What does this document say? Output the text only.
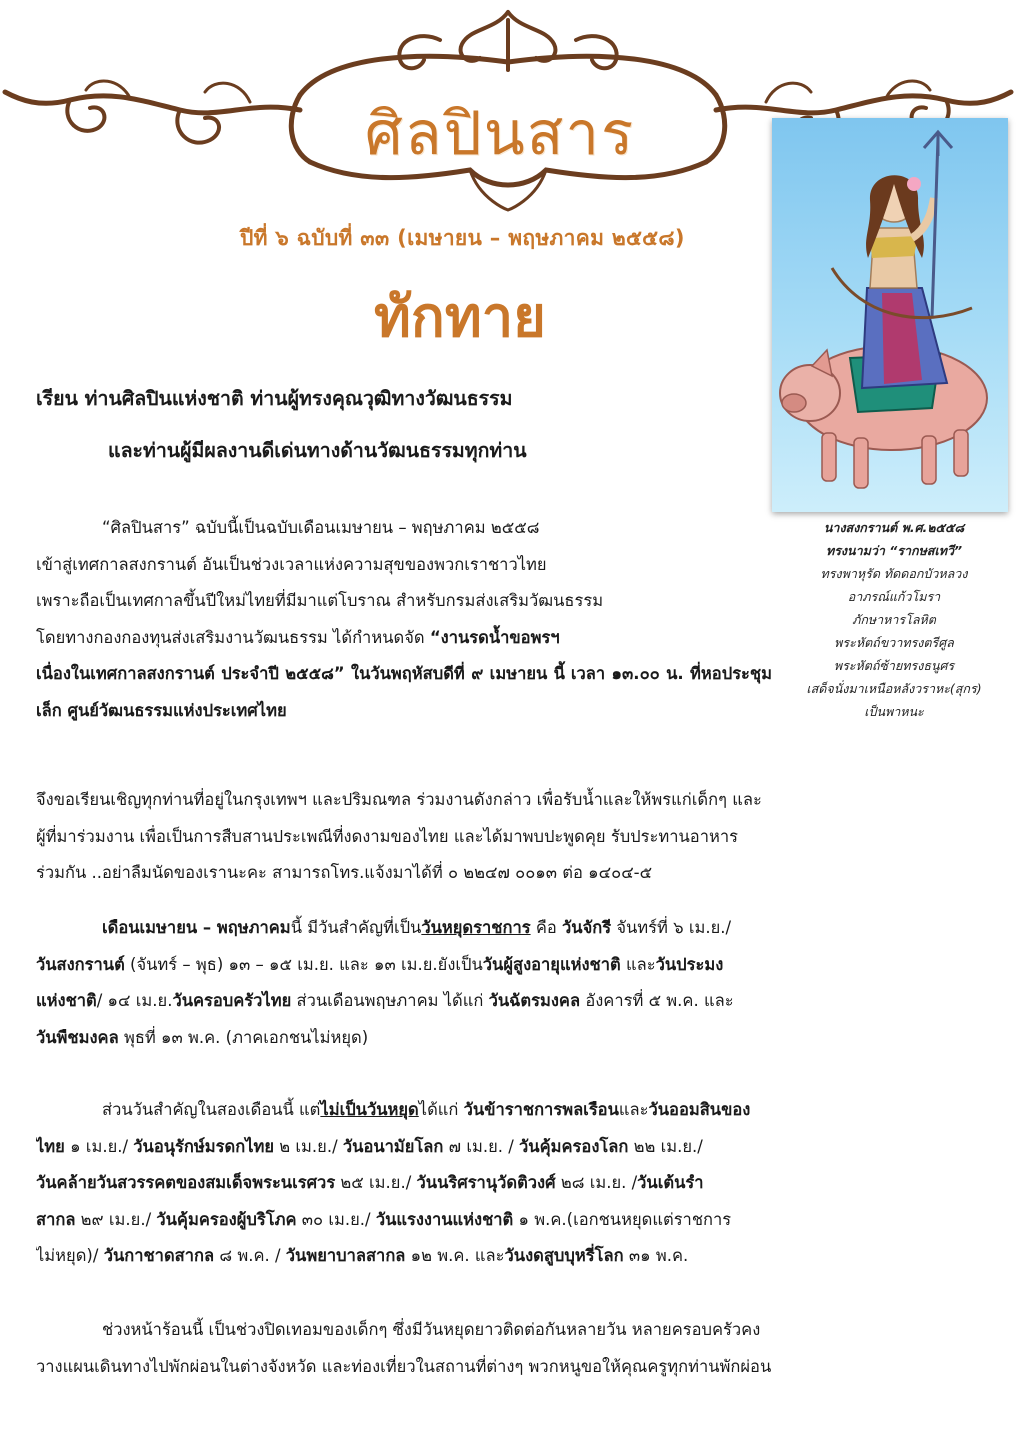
ศิลปินสาร
ปีที่ ๖ ฉบับที่ ๓๓ (เมษายน – พฤษภาคม ๒๕๕๘)
ทักทาย
นางสงกรานต์ พ.ศ.๒๕๕๘
ทรงนามว่า “รากษสเทวี”
ทรงพาหุรัด ทัดดอกบัวหลวง
อาภรณ์แก้วโมรา
ภักษาหารโลหิต
พระหัตถ์ขวาทรงตรีศูล
พระหัตถ์ซ้ายทรงธนูศร
เสด็จนั่งมาเหนือหลังวราหะ(สุกร)
เป็นพาหนะ
เรียน ท่านศิลปินแห่งชาติ ท่านผู้ทรงคุณวุฒิทางวัฒนธรรม
และท่านผู้มีผลงานดีเด่นทางด้านวัฒนธรรมทุกท่าน
“ศิลปินสาร” ฉบับนี้เป็นฉบับเดือนเมษายน – พฤษภาคม ๒๕๕๘
เข้าสู่เทศกาลสงกรานต์ อันเป็นช่วงเวลาแห่งความสุขของพวกเราชาวไทย
เพราะถือเป็นเทศกาลขึ้นปีใหม่ไทยที่มีมาแต่โบราณ สำหรับกรมส่งเสริมวัฒนธรรม
โดยทางกองกองทุนส่งเสริมงานวัฒนธรรม ได้กำหนดจัด “งานรดน้ำขอพรฯ
เนื่องในเทศกาลสงกรานต์ ประจำปี ๒๕๕๘” ในวันพฤหัสบดีที่ ๙ เมษายน นี้ เวลา ๑๓.๐๐ น. ที่หอประชุมเล็ก ศูนย์วัฒนธรรมแห่งประเทศไทย
จึงขอเรียนเชิญทุกท่านที่อยู่ในกรุงเทพฯ และปริมณฑล ร่วมงานดังกล่าว เพื่อรับน้ำและให้พรแก่เด็กๆ และ
ผู้ที่มาร่วมงาน เพื่อเป็นการสืบสานประเพณีที่งดงามของไทย และได้มาพบปะพูดคุย รับประทานอาหาร
ร่วมกัน ..อย่าลืมนัดของเรานะคะ สามารถโทร.แจ้งมาได้ที่ ๐ ๒๒๔๗ ๐๐๑๓ ต่อ ๑๔๐๔-๕
เดือนเมษายน – พฤษภาคมนี้ มีวันสำคัญที่เป็นวันหยุดราชการ คือ วันจักรี จันทร์ที่ ๖ เม.ย./
วันสงกรานต์ (จันทร์ – พุธ) ๑๓ – ๑๕ เม.ย. และ ๑๓ เม.ย.ยังเป็นวันผู้สูงอายุแห่งชาติ และวันประมง
แห่งชาติ/ ๑๔ เม.ย.วันครอบครัวไทย ส่วนเดือนพฤษภาคม ได้แก่ วันฉัตรมงคล อังคารที่ ๕ พ.ค. และ
วันพืชมงคล พุธที่ ๑๓ พ.ค. (ภาคเอกชนไม่หยุด)
ส่วนวันสำคัญในสองเดือนนี้ แต่ไม่เป็นวันหยุดได้แก่ วันข้าราชการพลเรือนและวันออมสินของ
ไทย ๑ เม.ย./ วันอนุรักษ์มรดกไทย ๒ เม.ย./ วันอนามัยโลก ๗ เม.ย. / วันคุ้มครองโลก ๒๒ เม.ย./
วันคล้ายวันสวรรคตของสมเด็จพระนเรศวร ๒๕ เม.ย./ วันนริศรานุวัดติวงศ์ ๒๘ เม.ย. /วันเต้นรำ
สากล ๒๙ เม.ย./ วันคุ้มครองผู้บริโภค ๓๐ เม.ย./ วันแรงงานแห่งชาติ ๑ พ.ค.(เอกชนหยุดแต่ราชการ
ไม่หยุด)/ วันกาชาดสากล ๘ พ.ค. / วันพยาบาลสากล ๑๒ พ.ค. และวันงดสูบบุหรี่โลก ๓๑ พ.ค.
ช่วงหน้าร้อนนี้ เป็นช่วงปิดเทอมของเด็กๆ ซึ่งมีวันหยุดยาวติดต่อกันหลายวัน หลายครอบครัวคง
วางแผนเดินทางไปพักผ่อนในต่างจังหวัด และท่องเที่ยวในสถานที่ต่างๆ พวกหนูขอให้คุณครูทุกท่านพักผ่อน
